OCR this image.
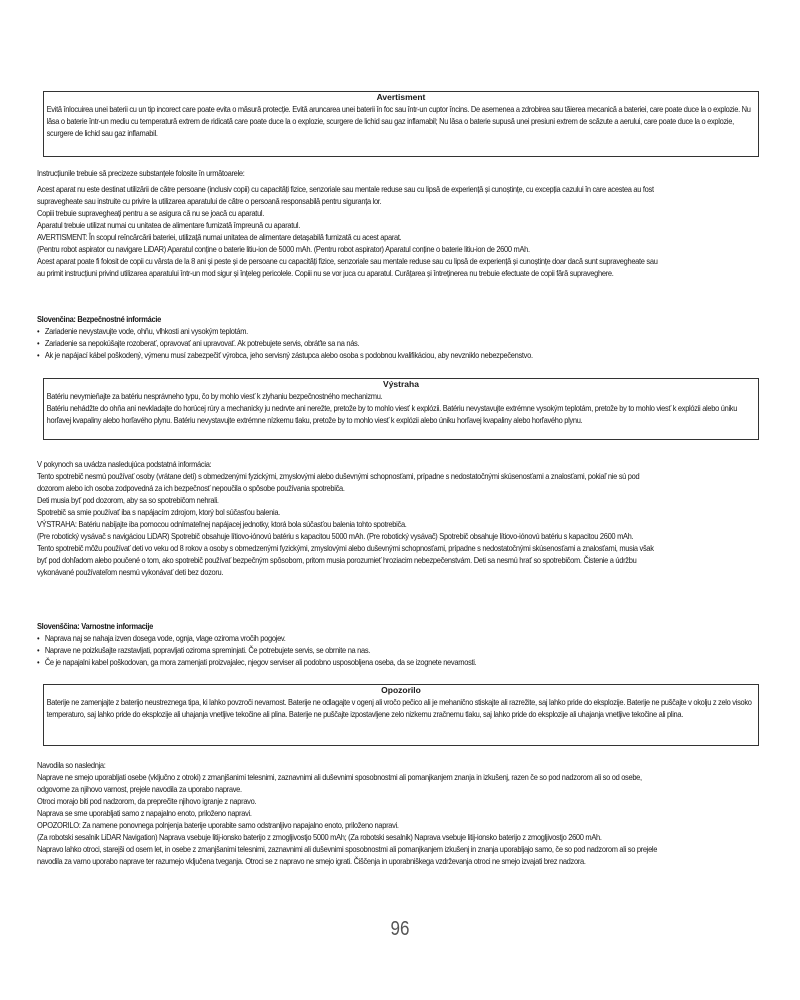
Avertisment
Evitǎ înlocuirea unei baterii cu un tip incorect care poate evita o mǎsurǎ protecție. Evitǎ aruncarea unei baterii în foc sau într-un cuptor încins. De asemenea a zdrobirea sau tăierea mecanicǎ a bateriei, care poate duce la o explozie. Nu lǎsa o baterie într-un mediu cu temperaturǎ extrem de ridicatǎ care poate duce la o explozie, scurgere de lichid sau gaz inflamabil; Nu lǎsa o baterie supusǎ unei presiuni extrem de scǎzute a aerului, care poate duce la o explozie, scurgere de lichid sau gaz inflamabil.

Instrucțiunile trebuie sǎ precizeze substanțele folosite în urmǎtoarele:

Acest aparat nu este destinat utilizǎrii de cǎtre persoane (inclusiv copii) cu capacitǎți fizice, senzoriale sau mentale reduse sau cu lipsǎ de experiențǎ și cunoștințe, cu excepția cazului în care acestea au fost supravegheate sau instruite cu privire la utilizarea aparatului de cǎtre o persoanǎ responsabilǎ pentru siguranța lor.

Copiii trebuie supravegheați pentru a se asigura cǎ nu se joacǎ cu aparatul.

Aparatul trebuie utilizat numai cu unitatea de alimentare furnizatǎ împreunǎ cu aparatul.

AVERTISMENT: În scopul reîncǎrcǎrii bateriei, utilizațǎ numai unitatea de alimentare detașabilǎ furnizatǎ cu acest aparat.

(Pentru robot aspirator cu navigare LiDAR) Aparatul conține o baterie litiu-ion de 5000 mAh. (Pentru robot aspirator) Aparatul conține o baterie litiu-ion de 2600 mAh.

Acest aparat poate fi folosit de copii cu vârsta de la 8 ani și peste și de persoane cu capacitǎți fizice, senzoriale sau mentale reduse sau cu lipsǎ de experiențǎ și cunoștințe doar dacǎ sunt supravegheate sau au primit instrucțiuni privind utilizarea aparatului într-un mod sigur și înțeleg pericolele. Copiii nu se vor juca cu aparatul. Curǎțarea și întreținerea nu trebuie efectuate de copii fǎrǎ supraveghere.

Slovenčina: Bezpečnostné informácie
• Zariadenie nevystavujte vode, ohňu, vlhkosti ani vysokým teplotám.
• Zariadenie sa nepokúšajte rozoberať, opravovať ani upravovať. Ak potrebujete servis, obráťte sa na nás.
• Ak je napájací kábel poškodený, výmenu musí zabezpečiť výrobca, jeho servisný zástupca alebo osoba s podobnou kvalifikáciou, aby nevzniklo nebezpečenstvo.
Výstraha

Batériu nevymieňajte za batériu nesprávneho typu, čo by mohlo viesť k zlyhaniu bezpečnostného mechanizmu.

Batériu nehádžte do ohňa ani nevkladajte do horúcej rúry a mechanicky ju nedrvte ani nerežte, pretože by to mohlo viesť k explózii. Batériu nevystavujte extrémne vysokým teplotám, pretože by to mohlo viesť k explózii alebo úniku horľavej kvapaliny alebo horľavého plynu. Batériu nevystavujte extrémne nízkemu tlaku, pretože by to mohlo viesť k explózii alebo úniku horľavej kvapaliny alebo horľavého plynu.

V pokynoch sa uvádza nasledujúca podstatná informácia:

Tento spotrebič nesmú používať osoby (vrátane detí) s obmedzenými fyzickými, zmyslovými alebo duševnými schopnosťami, prípadne s nedostatočnými skúsenosťami a znalosťami, pokiaľ nie sú pod dozorom alebo ich osoba zodpovedná za ich bezpečnosť nepoučila o spôsobe používania spotrebiča.

Deti musia byť pod dozorom, aby sa so spotrebičom nehrali.

Spotrebič sa smie používať iba s napájacím zdrojom, ktorý bol súčasťou balenia.

VÝSTRAHA: Batériu nabíjajte iba pomocou odnímateľnej napájacej jednotky, ktorá bola súčasťou balenia tohto spotrebiča.

(Pre robotický vysávač s navigáciou LiDAR) Spotrebič obsahuje lítiovo-iónovú batériu s kapacitou 5000 mAh. (Pre robotický vysávač) Spotrebič obsahuje lítiovo-iónovú batériu s kapacitou 2600 mAh.

Tento spotrebič môžu používať deti vo veku od 8 rokov a osoby s obmedzenými fyzickými, zmyslovými alebo duševnými schopnosťami, prípadne s nedostatočnými skúsenosťami a znalosťami, musia však byť pod dohľadom alebo poučené o tom, ako spotrebič používať bezpečným spôsobom, pritom musia porozumieť hroziacim nebezpečenstvám. Deti sa nesmú hrať so spotrebičom. Čistenie a údržbu vykonávané používateľom nesmú vykonávať deti bez dozoru.

Slovenščina: Varnostne informacije
• Naprava naj se nahaja izven dosega vode, ognja, vlage oziroma vročih pogojev.
• Naprave ne poizkušajte razstavljati, popravljati oziroma spreminjati. Če potrebujete servis, se obrnite na nas.
• Če je napajalni kabel poškodovan, ga mora zamenjati proizvajalec, njegov serviser ali podobno usposobljena oseba, da se izognete nevarnosti.
Opozorilo
Baterije ne zamenjajte z baterijo neustreznega tipa, ki lahko povzroči nevarnost. Baterije ne odlagajte v ogenj ali vročo pečico ali je mehanično stiskajte ali razrežite, saj lahko pride do eksplozije. Baterije ne puščajte v okolju z zelo visoko temperaturo, saj lahko pride do eksplozije ali uhajanja vnetljive tekočine ali plina. Baterije ne puščajte izpostavljene zelo nizkemu zračnemu tlaku, saj lahko pride do eksplozije ali uhajanja vnetljive tekočine ali plina.

Navodila so naslednja:

Naprave ne smejo uporabljati osebe (vključno z otroki) z zmanjšanimi telesnimi, zaznavnimi ali duševnimi sposobnostmi ali pomanjkanjem znanja in izkušenj, razen če so pod nadzorom ali so od osebe, odgovorne za njihovo varnost, prejele navodila za uporabo naprave.

Otroci morajo biti pod nadzorom, da preprečite njihovo igranje z napravo.

Naprava se sme uporabljati samo z napajalno enoto, priloženo napravi.

OPOZORILO: Za namene ponovnega polnjenja baterije uporabite samo odstranljivo napajalno enoto, priloženo napravi.

(Za robotski sesalnik LiDAR Navigation) Naprava vsebuje litij-ionsko baterijo z zmogljivostjo 5000 mAh; (Za robotski sesalnik) Naprava vsebuje litij-ionsko baterijo z zmogljivostjo 2600 mAh.

Napravo lahko otroci, starejši od osem let, in osebe z zmanjšanimi telesnimi, zaznavnimi ali duševnimi sposobnostmi ali pomanjkanjem izkušenj in znanja uporabljajo samo, če so pod nadzorom ali so prejele navodila za varno uporabo naprave ter razumejo vključena tveganja. Otroci se z napravo ne smejo igrati. Čiščenja in uporabniškega vzdrževanja otroci ne smejo izvajati brez nadzora.

96
